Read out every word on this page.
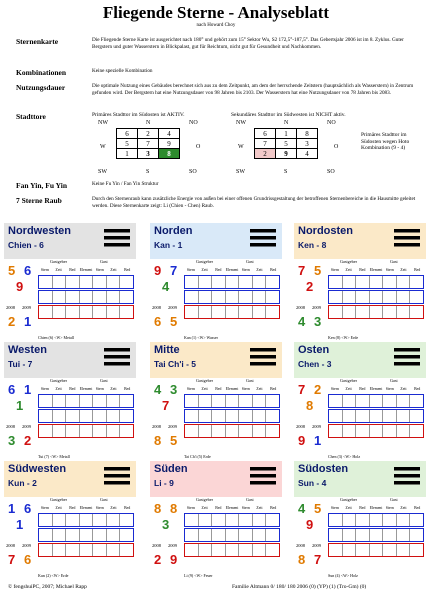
Fliegende Sterne - Analyseblatt
nach Howard Choy
Sternenkarte	Die Fliegende Sterne Karte ist ausgerichtet nach 180° und gehört zum 15° Sektor Wu, S2 172,5°-187,5°. Das Gebertsjahr 2006 ist im 8. Zyklus. Guter Bergstern und guter Wasserstern in Blickpalast, gut für Reichtum, nicht gut für Gesundheit und Nachkommen.
Kombinationen	Keine spezielle Kombination
Nutzungsdauer	Die optimale Nutzung eines Gebäudes berechnet sich aus zu dem Zeitpunkt, am dem der herrschende Zeitstern (hauptsächlich als Wasserstern) in Zentrum gefunden wird. Der Bergstern hat eine Nutzungsdauer von 98 Jahren bis 2103. Der Wasserstern hat eine Nutzungsdauer von 78 Jahren bis 2083.
Stadttore	Primäres Stadttor im Südosten ist AKTIV.	Sekundäres Stadttor im Südwesten ist NICHT aktiv.
NW	N	NO
W	O
SW	S	SO
6	2	4
5	7	9
1	3	8
NW	N	NO
W	O
SW	S	SO
6	1	8
7	5	3
2	9	4
Primäres Stadttor im Südosten wegen Hoto Kombination (9 - 4)
Fan Yin, Fu Yin	Keine Fu Yin / Fan Yin Struktur
7 Sterne Raub	Durch den Sternenraub kann zusätzliche Energie von außen bei einer offenen Grundrissgestaltung der betroffenen Sternenbereiche in die Hausmitte geleitet werden. Diese Sternenkarte zeigt: Li (Chien - Chen) Raub.
Nordwesten
Chien - 6
Gastgeber	Gast
5 6
9
2008 2009
2 1
Stern	Zeit	Bed	Element Stern	Zeit	Bed
Chien (6) <W> Metall
Norden
Kan - 1
Gastgeber	Gast
9 7
4
2008 2009
6 5
Stern	Zeit	Bed	Element Stern	Zeit	Bed
Kan (1) <W> Wasser
Nordosten
Ken - 8
Gastgeber	Gast
7 5
2
2008 2009
4 3
Stern	Zeit	Bed	Element Stern	Zeit	Bed
Ken (8) <W> Erde
Westen
Tui - 7
Gastgeber	Gast
6 1
1
2008 2009
3 2
Stern	Zeit	Bed	Element Stern	Zeit	Bed
Tui (7) <W> Metall
Mitte
Tai Ch'i - 5
Gastgeber	Gast
4 3
7
2008 2009
8 5
Stern	Zeit	Bed	Element Stern	Zeit	Bed
Tai Ch'i (5) Erde
Osten
Chen - 3
Gastgeber	Gast
7 2
8
2008 2009
9 1
Stern	Zeit	Bed	Element Stern	Zeit	Bed
Chen (3) <W> Holz
Südwesten
Kun - 2
Gastgeber	Gast
1 6
1
2008 2009
7 6
Stern	Zeit	Bed	Element Stern	Zeit	Bed
Kun (2) <W> Erde
Süden
Li - 9
Gastgeber	Gast
8 8
3
2008 2009
2 9
Stern	Zeit	Bed	Element Stern	Zeit	Bed
Li (9) <W> Feuer
Südosten
Sun - 4
Gastgeber	Gast
4 5
9
2008 2009
8 7
Stern	Zeit	Bed	Element Stern	Zeit	Bed
Sun (4) <W> Holz
© fengshuiPC, 2007; Michael Rapp	Familie Altmann 0/ 180/ 180 2006 (0) (YP) (1) (Tro-Gm) (0)
